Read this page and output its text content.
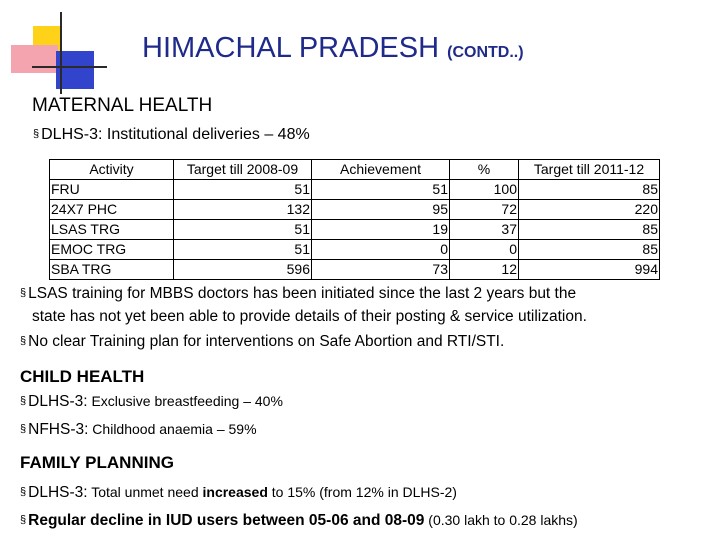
HIMACHAL PRADESH (CONTD..)
MATERNAL HEALTH
§ DLHS-3: Institutional deliveries – 48%
Activity	Target till 2008-09	Achievement	%	Target till 2011-12
FRU	51	51	100	85
24X7 PHC	132	95	72	220
LSAS TRG	51	19	37	85
EMOC TRG	51	0	0	85
SBA TRG	596	73	12	994
§ LSAS training for MBBS doctors has been initiated since the last 2 years but the
state has not yet been able to provide details of their posting & service utilization.
§ No clear Training plan for interventions on Safe Abortion and RTI/STI.
CHILD HEALTH
§ DLHS-3: Exclusive breastfeeding – 40%
§ NFHS-3: Childhood anaemia – 59%
FAMILY PLANNING
§ DLHS-3: Total unmet need increased to 15% (from 12% in DLHS-2)
§ Regular decline in IUD users between 05-06 and 08-09 (0.30 lakh to 0.28 lakhs)
